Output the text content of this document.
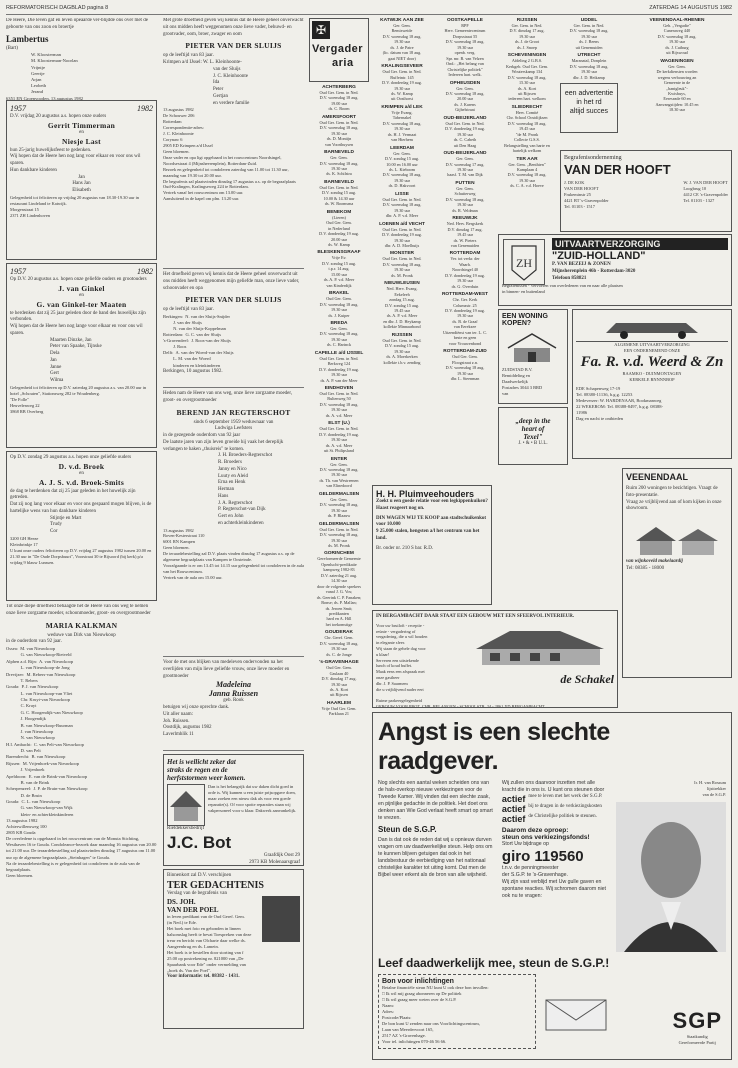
REFORMATORISCH DAGBLAD pagina 8	ZATERDAG 14 AUGUSTUS 1982
De Heere, Die leven gaf en leven opeaarde ver-blijdde ons over met de geboorte van ons zoon en broertje
Lambertus
(Bart)
W. Kloosterman
M. Kloosterman-Noorlan
Vrijntje
Geertje
Arjan
Leobeth
Jerand
6351 EN Groenvooden, 13 augustus 1982

1957	1982
D.V. vrijdag 20 augustus a.s. hopen onze ouders
Gerrit Timmerman
en
Niesje Last
hun 25-jarig huwelijksfeest te gedenken.
Wij hopen dat de Heere hen nog lang voor elkaar en voor ons wil sparen.
Hun dankbare kinderen
Jan
Hans Jan
Elisabeth
Gelegenheid tot feliciteren op vrijdag 20 augustus van 18.30-19.30 uur in restaurant Lindeland te Katwijk.
Morgenstraat 15
2371 ZH Lindenhoven
1957	1982
Op D.V. 20 augustus a.s. hopen onze geliefde ouders en grootouders
J. van Ginkel
en
G. van Ginkel-ter Maaten
te herdenken dat zij 25 jaar geleden door de band des huwelijks zijn verbonden.
Wij hopen dat de Heere hen nog lange voor elkaar en voor ons wil sparen.
Maarten Dinzke, Jan
Peter van Spaake, Tijnske
Dela
Jan
Janne
Gert
Wilma
Gelegenheid tot feliciteren op D.V. zaterdag 20 augustus a.s. van 20.00 uur in hotel „Schouten", Stationsweg 282 te Woudenberg.
"De Folle"
Heuvelenweg 22
3868 RB Overberg
Op D.V. zondag 29 augustus a.s. hopen onze geliefde ouders
D. v.d. Broek
en
A. J. S. v.d. Broek-Smits
de dag te herdenken dat zij 25 jaar geleden in het huwelijk zijn getreden.
Dat zij nog lang voor elkaar en voor ons gespaard mogen blijven, is de hartelijke wens van hun dankbare kinderen
Stijntje en Mart
Trudy
Cor
3200 GH Heeze
Kleinbrinkje 17
U kunt onze ouders feliciteren op D.V. vrijdag 27 augustus 1982 tussen 20.00 en 21.30 uur in "De Oude Dorpsbuurt", Voorstraat 30 te Rijsoord (bij kerk) p/a vrijdag 9 blauw Lunssen.
Tot onze diepe droefheid behaagde het de Heere van ons weg te nemen onze lieve zorgzame moeder, schoonmoeder, groot- en overgrootmoeder
MARIA KALKMAN
weduwe van Dirk van Nieuwkoop
in de ouderdom van 92 jaar.
Ossea:  M. van Nieuwkoop
G. van Nieuwkoop-Rietveld
Alphen a.d. Rijn:  A. van Nieuwkoop
L. van Nieuwkoop-de Jong
Drevijzer:  M. Rebers-van Nieuwkoop
T. Rebers
Gouda:  P. J. van Nieuwkoop
L. van Nieuwkoop-van Vliet
Chr. Kruyt-van Nieuwkoop
C. Kruyt
G. C. Hoogendijk-van Nieuwkoop
J. Hoogendijk
B. van Nieuwkoop-Buurman
J. van Nieuwkoop
N. van Nieuwkoop
H.I. Ambacht:  C. van Pelt-van Nieuwkoop
D. van Pelt
Barendrecht:  B. van Nieuwkoop
Rijssen:  M. Vrijenhoek-van Nieuwkoop
J. Vrijenhoek
Apeldoorn:  E. van de Brink-van Nieuwkoop
B. van de Brink
Scherpenzeel:  J. P. de Bruin-van Nieuwkoop
D. de Bruin
Gouda:  C. L. van Nieuwkoop
G. van Nieuwkoop-van Wijk
klein- en achterkleinkinderen
13 augustus 1982
Achterwillensweg 100
2805 KB Gouda
De overledene is opgebaard in het rouwcentrum van de Monuta Stichting, Westhaven 16 te Gouda. Condoleance-bezoek daar maandag 16 augustus van 20.00 tot 21.00 uur. De teraardebestelling zal plaatsvinden dinsdag 17 augustus om 11.00 uur op de algemene begraafplaats „Steinhagen" te Gouda.
Na de teraardebestelling is er gelegenheid tot condoleren in de aula van de begraafplaats.
Geen bloemen.
Met grote droefheid geven wij kennis dat de Heere geheel onverwacht uit ons midden heeft weggenomen onze lieve vader, behuwd- en grootvader, oom, broer, zwager en oom
PIETER VAN DER SLUIJS
op de leeftijd van 83 jaar.
Krimpen a/d IJssel: W. L. Kleinhoonte-
van der Sluijs
J. C. Kleinhoonte
Ida
Peter
Gertjan
en verdere familie
13 augustus 1982
De Schouwer 206
Rotterdam
Correspondentie-adres:
J. C. Kleinhoonte
Corynaw 6
2905 ED Krimpen a/d IJssel
Geen bloemen.
Onze vader en opa ligt opgebaard in het rouwcentrum Noordsingel, Noordsestraat 4 (Mijnsheerenplein), Rotterdam-Zuid.
Bezoek en gelegenheid tot condoleren zaterdag van 11.00 tot 11.30 uur, maandag van 19.30 tot 20.00 uur.
De begrafenis zal plaatsvinden dinsdag 17 augustus a.s. op de begraafplaats Oud-Kralingen, Kralingseweg 224 te Rotterdam.
Vertrek vanaf het rouwcentrum om 13.00 uur.
Aansluitend in de kapel om plm. 13.20 uur.
Het droefheid geven wij kennis dat de Heere geheel onverwacht uit ons midden heeft weggenomen mijn geliefde man, onze lieve vader, schoonvader en opa
PIETER VAN DER SLUIJS
op de leeftijd van 83 jaar.
Berkingen:  N. van der Sluijs-Snijder
J. van der Sluijs
N. van der Sluijs-Koppelman
Rotterdam:  G. C. van der Sluijs
's-Gravendeel:  J. Roos-van der Sluijs
J. Roos
Delft:  A. van der Woerd-van der Sluijs
L. M. van der Woerd
kinderen en kleinkinderen
Berkingen, 10 augustus 1982.
Heden nam de Heere van ons weg, onze lieve zorgzame moeder, groot- en overgrootmoeder
BEREND JAN REGTERSCHOT
sinds 6 september 1959 weduwnaar van
Ludwiga Leefsters
in de gezegende ouderdom van 92 jaar
De laatste jaren van zijn leven groeide hij vaak het dereplijk verlangen te haken „thuisreis" te komen.
J. H. Broeders-Regterschot
R. Broeders
Janny en Nico
Luuty en Aleid
Erna en Henk
Herman
Hans
J. A. Regterschot
P. Regterschot-van Dijk
Gert en John
en achterkleinkinderen
13 augustus 1982
Boven-Kesterstraat 110
6001 RN Kampen
Geen bloemen.
De teraardebestelling zal D.V. plaats vinden dinsdag 17 augustus a.s. op de algemene begraafplaats van Kampen te Oosteinde.
Voorafgaande is er om 13.45 tot 14.15 uur gelegenheid tot condoleren in de aula van het Rouwcentrum.
Vertrek van de aula om 15.00 uur.
Voor de met ons blijken van medeleven ondervonden na het overlijden van mijn lieve geliefde vrouw, onze lieve moeder en grootmoeder
Madeleina
Janna Ruissen
geb. Rook
betuigen wij onze oprechte dank.
Uit aller naam:
Joh. Ruissen.
Oostdijk, augustus 1982
Laverlmhlik 11
Het is wellicht zeker dat
straks de regen en de
herfststormen weer komen.
Dan is het belangrijk dat uw daken dicht goed in orde is. Wij kunnen u een juiste prijsopgave doen, maar zoeken een nieuw dak als voor een goede reparatie(s). Of voor spotte reparaties staan wij vakpersoneel voor u klaar. Dakwerk aanvankelijk.
Rietdekkersbedrijf
J.C. Bot
Graafdijk Oost 29
2973 KB Molenaarsgraaf
Binnenkort zal D.V. verschijnen
TER GEDACHTENIS
Verslag van de begrafenis van
DS. JOH.
VAN DER POEL
in leven predikant van de Oud Geref. Gem.
(in Ned.) te Ede.
Het boek met foto en gebonden in linnen halsomslag heeft te bevat Toespreken van deze treur en bericht van Olcharte daar welke ds. Aangeenbrug en ds. Lamein.
Het boek is te bestellen door storting van f 25.00 op postrekening nr. 821000 van „De Spaarbank voor Ede" onder vermelding van „boek ds. Van der Poel".
Voor informatie: tel. 08382 - 1431.
✠
Vergader
aria
ACHTERBERG
Oud Ger. Gem. in Ned.
D.V. woensdag 18 aug.
19.00 uur
ds. C. Boom
AMERSFOORT
Oud Ger. Gem. in Ned.
D.V. woensdag 18 aug.
19.30 uur
ds. D. Montijn
van Voorthuysen
BARNEVELD
Ger. Gem.
D.V. woensdag 18 aug.
19.30 uur
ds. K. Schilstra
BARNEVELD
Oud Ger. Gem. in Ned.
D.V. zondag 15 aug.
10.00 & 14.30 uur
ds. W. Boomsma
BENEKOM
(Lieren)
Oud Ger. Gem.
in Nederland
D.V. donderdag 19 aug.
20.00 uur
ds. W. Kamp
BLESKENSGRAAF
Vrije Ev.
D.V. zondag 15 aug.
t.p.r. 14 aug.
15.00 uur
ds. A. P. v.d. Meer
van Kinderdijk
BRAKEL
Oud Ger. Gem.
D.V. woensdag 18 aug.
19.30 uur
ds. J. Kuiper
BREDA
Ger. Gem.
D.V. woensdag 18 aug.
19.30 uur
ds. C. Harinck
CAPELLE a/d IJSSEL
Oud Ger. Gem. in Ned.
Berkweg 124
D.V. donderdag 19 aug.
19.30 uur
ds. A. P. van der Meer
EINDHOVEN
Oud Ger. Gem. in Ned.
Bultenweg 50
D.V. woensdag 18 aug.
19.30 uur
ds. A. v.d. Meer
ELST (U.)
Oud Ger. Gem. in Ned.
D.V. donderdag 19 aug.
19.30 uur
ds. A. v.d. Meer
uit St. Philipsland
ENTER
Ger. Gem.
D.V. woensdag 18 aug.
19.30 uur
ds. Th. van Westreenen
van Elinedoord
GELDERMALSEN
Ger. Gem.
D.V. woensdag 18 aug.
19.30 uur
ds. P. Blaauw
GELDERMALSEN
Oud Ger. Gem. in Ned.
D.V. woensdag 18 aug.
19.30 uur
ds. M. Pronk
GORINCHEM
Gereformeerde Gemeente
Openlucht-predikatie
kampweg 1982-83
D.V. zaterdag 21 aug.
14.30 uur
door de volgende sprekers
vanaf J. G. Vos;
ds. Geerink C. P. Fanaken;
Bonse; ds. P. Mallan;
ds. Jeroen Smit;
predikanten
hard en A. Hill
het toekomstige
GOUDERAK
Chr. Geref. Gem.
D.V. woensdag 18 aug.
19.30 uur
ds. C. de Jonge
's-GRAVENHAGE
Oud Ger. Gem.
Gaslaan 40
D.V. dinsdag 17 aug.
19.30 uur
ds. A. Kort
uit Rijssen
HAARLEM
Vrije Oud Ger. Gem.
Parklaan 21

KATWIJK AAN ZEE
Ger. Gem.
Remisweide
D.V. woensdag 18 aug.
19.30 uur
ds. J. de Patre
(lic. datum van 18 aug.
gaat NIET door)
KRALINGSEVEER
Oud Ger. Gem. in Ned.
Buffeintr. 145
D.V. donderdag 19 aug.
19.30 uur
ds. W. Kamp
uit Oosthorst
KRIMPEN a/d LEK
Vrije Evang.
Tabernakel
D.V. woensdag 18 aug.
19.30 uur
ds. H. J. Vermaat
van Hierhem
LEERDAM
Ger. Gem.
D.V. zondag 15 aug.
10.00 en 16.00 uur
ds. L. Kieboom
D.V. woensdag 18 aug.
19.30 uur
ds. D. Hakvoort
LISSE
Oud Ger. Gem. in Ned.
D.V. woensdag 18 aug.
19.30 uur
dhr. A. P. v.d. Meer
LOENEN a/d VECHT
Oud Ger. Gem. in Ned.
D.V. donderdag 19 aug.
19.30 uur
dhr. A. D. Moelhuijs
MONSTER
Oud Ger. Gem. in Ned.
D.V. woensdag 18 aug.
19.30 uur
ds. M. Pronk
NIEUWLEUSEN
Ned. Herv. Evang.
Eekeleeh
zondag 15 aug.
D.V. zondag 15 aug.
19.45 uur
ds. A. P. v.d. Meer
en dhr. J. D. Heykamp
kollekte Minnaarbond
RIJSSEN
Oud Ger. Gem. in Ned.
D.V. zondag 15 aug.
19.30 uur
ds. A. Moerkerken
kollekte t.b.v. zending
OOSTKAPELLE
RPF
Herv. Gemeentecentrum
Dorpsstraat 55
D.V. woensdag 18 aug.
19.30 uur
openb. verg.
Spr. mr. B. van Velzen
Ond.: „Het belang van
Christelijke politiek"
Iedereen hart. welk.
OPHEUSDEN
Ger. Gem.
D.V. woensdag 18 aug.
20.00 uur
ds. J. Karens
Gijbelstraat
OUD-BEIJERLAND
Oud Ger. Gem. in Ned.
D.V. donderdag 19 aug.
19.30 uur
ds. C. Cabeth
uit Den Haag
OUD-BEIJERLAND
Ger. Gem.
D.V. woensdag 17 aug.
19.30 uur
haasf. T. M. van Dijk
PUTTEN
Ger. Gem.
Schutterweg
D.V. woensdag 18 aug.
19.30 uur
ds. R. Veldman
REEUWIJK
Ned. Herv. Bergskerk
D.V. dinsdag 17 aug.
19.45 uur
ds. W. Pieters
van Genemuiden
ROTTERDAM
Ver. tot verkr. der
Waarh.
Noordsingel 40
D.V. donderdag 19 aug.
19.30 uur
ds. G. Overduin
ROTTERDAM-WEST
Chr. Ger. Kerk
Columzstr. 25
D.V. donderdag 19 aug.
19.30 uur
ds. B. de Graaf
van Eerekzee
Uitzendiënst van ter. L. C.
beste en geen
voor Vrouwenbond
ROTTERDAM-ZUID
Oud Ger. Gem.
Floogstraat z.n.
D.V. woensdag 18 aug.
19.30 uur
dhr. L. Steenman
RIJSSEN
Ger. Gem. in Ned.
D.V. dinsdag 17 aug.
19.30 uur
ds. J. de Groot
ds. J. Snoep
SCHEVENINGEN
Afdeling 2 G.B.S.
Kerkgeb. Oud Ger. Gem.
Wouterskamp 134
D.V. woensdag 18 aug.
15.30 uur
ds. A. Kort
uit Rijssen
iedereen hart. welkom
SLIEDRECHT
Herv. Comité
Chr. School Oostdijksen
D.V. woensdag 18 aug.
19.45 uur
"de M. Pronk
Collecte G.S.S.
Belangstelling van harte en
hartelijk welkom
TER AAR
Ger. Gem. „Benthien"
Kamplaan 4
D.V. woensdag 18 aug.
19.30 uur
ds. C. A. v.d. Hoeve
UDDEL
Ger. Gem. in Ned.
D.V. woensdag 18 aug.
19.30 uur
ds. J. Beens
uit Genemuiden
UTRECHT
Maranatal, Donplein
D.V. woensdag 18 aug.
19.30 uur
dhr. J. D. Heikamp
een advertentie
in het rd
altijd succes
VEENENDAAL-RHENEN
Geb. „Vergadie"
Cuneraweg 440
D.V. woensdag 18 aug.
19.30 uur
ds. J. Cuiburg
uit Rijswoud
WAGENINGEN
Ger. Gem.
De kerkdiensten worden
wegens verbouwing an
Gemeente in de
„bantgleuk"-
Kwisbuys,
Eereseade 60 en
Aanvangstijden: 10.45 en
18.30 uur
Begrafenisonderneming
VAN DER HOOFT
J. DE KOK
VAN DER HOOFT
Frukeminstr 25
4421 BT 's-Gravenpolder
Tel. 01103 - 1517
W. J. VAN DER HOOFT
Loogbrug 10
4412 CE 's-Gravenpolder
Tel. 01103 - 1327
ZH
UITVAARTVERZORGING
"ZUID-HOLLAND"
P. VAN BEZEIJ & ZONEN
Mijnsherenplein 46b - Rotterdam-3020
Telefoon 858821
Begrafenissen - Vervoeren van overledenen van en naar alle plaatsen
in binnen- en buitenland
EEN WONING
KOPEN?
ZUIDSTAD B.V.
Bemiddeling en
Daadwerkelijk
Postadres 3044 3 BRD
van
ALGEMENE UITVAARTVERZORGING
EEN ONDERNEMEND ONZE
Fa. R. v.d. Weerd & Zn
RAAMKO - DUINMONTAGEN
KERKELE RNNNNBOP
EDE Schapenweg 17-19
Tel. 08380-11136, b.g.g. 12253
Medeverzer: W. HARDENAAR, Bookmanweg
22 WEKEROM: Tel. 08388-8497, b.g.g. 08388-
11986
Dag en nacht te ontbieden
„deep in the
heart of
Texel"
J. • & • B U.L.
H. H. Pluimveehouders
Zoekt u een goede relatie voor een legkippenkuiken?
Haast reageert nog on.
DIN WAGEN WIJ TE KOOP aan stadtschuikenkot voor 10.000
9 25.000 stalen, hengsten a/l het centrum van het land.
Br. onder nr. 210 S bar. R.D.
VEENENDAAL
Ruim 200 woningen te bezichtigen. Vraagt de foto-presentatie.
Vraag ze vrijblijvend aan of kom kijken in onze showroom.
van wijnkoveld makelaardij
Tel: 08385 - 18000
IN BERGAMBACHT DAAR STAAT EEN GEBOUW MET EEN SFEERVOL INTERIEUR.
Voor uw bruiloft - receptie -
reünie - vergadering of
vergadering, die u wil houden
in elegante sfeer.
Wij staan de gehele dag voor
u klaar!
Serveren een uitstekende
lunch of koud buffet.
Maak eens een afspraak met
onze gastheer
dhr. J. P. Saarmem
die u vrijblijvend nader eert

Ruime parkeergelegenheid
de Schakel
GEBOUW VOOR PROT. CHR. BELANGEN - SCHOOLSTR. 24 - 2861 XD BERGAMBACHT

Angst is een slechte raadgever.
Nog slechts een aantal weken scheiden ons van de hals-overkop nieuwe verkiezingen voor de Tweede Kamer. Wij vinden dat een slechte zaak, en pijnlijke gedachte in de politiek. Het doet ons denken aan Wie God verlaat heeft smart op smart te vrezen.
Steun de S.G.P.
Dan is dat ook de reden dat wij u opnieuw durven vragen om uw daadwerkelijke steun. Help ons om te kunnen blijven getuigen dat ook in het landsbestuur de eerbiediging van het nationaal christelijke karakter tot uiting komt. Dat men de Bijbel weer erkent als de bron van alle wijsheid.
Wij zullen ons daarvoor inzetten met alle kracht die in ons is. U kunt ons steunen door
actief mee te leven met het werk der S.G.P.
actief bij te dragen in de verkiezingskosten
actief de Christelijke politiek te steunen.
Daarom deze oproep:
steun ons verkiezingsfonds!
Stort Uw bijdrage op
giro 119560
t.n.v. de penningmeester
der S.G.P. te 's-Gravenhage.
Wij zijn vast verblijd met Uw gulle gaven en spontane reacties. Wij schromen daarom niet ook nu te vragen:
Ir. H. van Rossum
lijsttrekker
van de S.G.P.
Leef daadwerkelijk mee, steun de S.G.P.!
Bon voor inlichtingen
Betalne financiële steun NU kunt U ook deze bon invullen:
□ Ik wil mij graag abonneren op De politiek
□ Ik wil graag meer weten over de S.G.P.
Naam:
Adres:
Postcode/Plaats:
De bon kunt U zenden naar ons Voorlichtingscentrum,
Laan van Meerdervoort 165,
2517 AZ 's-Gravenhage.
Voor tel. inlichtingen 070-46 56 66.
SGP
Staatkundig
Gereformeerde Partij
